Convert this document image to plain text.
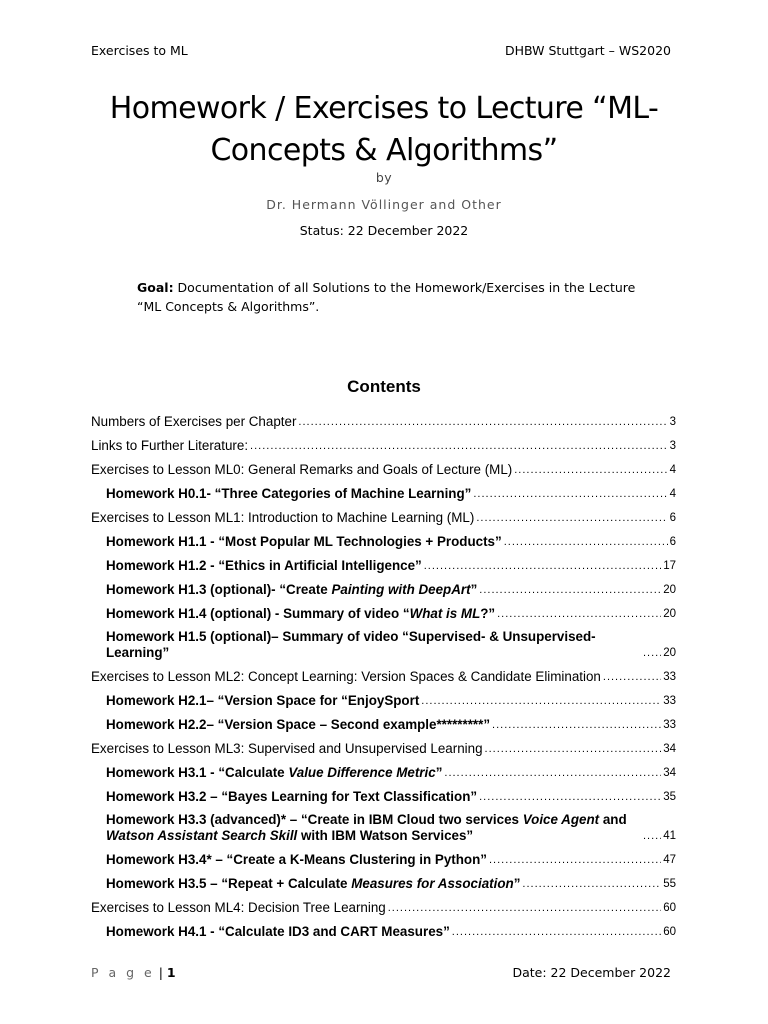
Exercises to ML	DHBW Stuttgart – WS2020
Homework / Exercises to Lecture “ML-
Concepts & Algorithms”
by
Dr. Hermann Völlinger and Other
Status: 22 December 2022
Goal: Documentation of all Solutions to the Homework/Exercises in the Lecture “ML Concepts & Algorithms”.
Contents
Numbers of Exercises per Chapter .....	3
Links to Further Literature: .....	3
Exercises to Lesson ML0: General Remarks and Goals of Lecture (ML) .....	4
Homework H0.1- “Three Categories of Machine Learning” .....	4
Exercises to Lesson ML1: Introduction to Machine Learning (ML) .....	6
Homework H1.1 - “Most Popular ML Technologies + Products” .....	6
Homework H1.2 - “Ethics in Artificial Intelligence” .....	17
Homework H1.3 (optional)- “Create Painting with DeepArt” .....	20
Homework H1.4 (optional) - Summary of video “What is ML?” .....	20
Homework H1.5 (optional)– Summary of video “Supervised- & Unsupervised-Learning” .....	20
Exercises to Lesson ML2: Concept Learning: Version Spaces & Candidate Elimination .....	33
Homework H2.1– “Version Space for “EnjoySport .....	33
Homework H2.2– “Version Space – Second example*********” .....	33
Exercises to Lesson ML3: Supervised and Unsupervised Learning .....	34
Homework H3.1 - “Calculate Value Difference Metric” .....	34
Homework H3.2 – “Bayes Learning for Text Classification” .....	35
Homework H3.3 (advanced)* – “Create in IBM Cloud two services Voice Agent and Watson Assistant Search Skill with IBM Watson Services” .....	41
Homework H3.4* – “Create a K-Means Clustering in Python” .....	47
Homework H3.5 – “Repeat + Calculate Measures for Association” .....	55
Exercises to Lesson ML4: Decision Tree Learning .....	60
Homework H4.1 - “Calculate ID3 and CART Measures” .....	60
P a g e | 1	Date: 22 December 2022
